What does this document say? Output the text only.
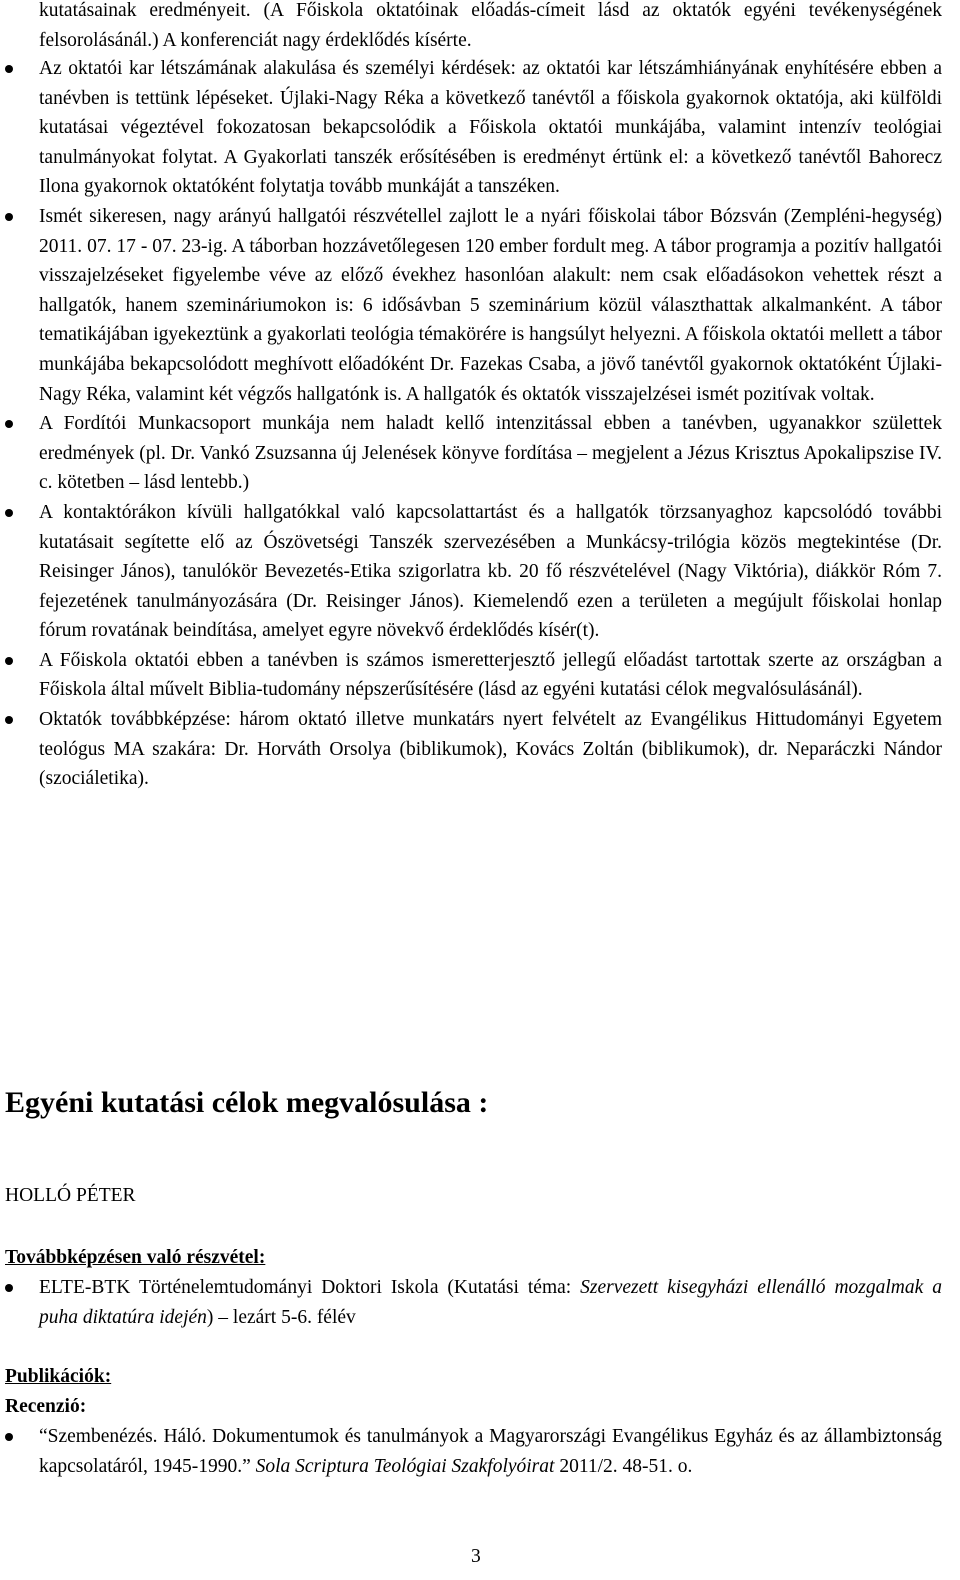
kutatásainak eredményeit. (A Főiskola oktatóinak előadás-címeit lásd az oktatók egyéni tevékenységének felsorolásánál.) A konferenciát nagy érdeklődés kísérte.

Az oktatói kar létszámának alakulása és személyi kérdések: az oktatói kar létszámhiányának enyhítésére ebben a tanévben is tettünk lépéseket. Újlaki-Nagy Réka a következő tanévtől a főiskola gyakornok oktatója, aki külföldi kutatásai végeztével fokozatosan bekapcsolódik a Főiskola oktatói munkájába, valamint intenzív teológiai tanulmányokat folytat. A Gyakorlati tanszék erősítésében is eredményt értünk el: a következő tanévtől Bahorecz Ilona gyakornok oktatóként folytatja tovább munkáját a tanszéken.

Ismét sikeresen, nagy arányú hallgatói részvétellel zajlott le a nyári főiskolai tábor Bózsván (Zempléni-hegység) 2011. 07. 17 - 07. 23-ig. A táborban hozzávetőlegesen 120 ember fordult meg. A tábor programja a pozitív hallgatói visszajelzéseket figyelembe véve az előző évekhez hasonlóan alakult: nem csak előadásokon vehettek részt a hallgatók, hanem szemináriumokon is: 6 idősávban 5 szeminárium közül választhattak alkalmanként. A tábor tematikájában igyekeztünk a gyakorlati teológia témakörére is hangsúlyt helyezni. A főiskola oktatói mellett a tábor munkájába bekapcsolódott meghívott előadóként Dr. Fazekas Csaba, a jövő tanévtől gyakornok oktatóként Újlaki-Nagy Réka, valamint két végzős hallgatónk is. A hallgatók és oktatók visszajelzései ismét pozitívak voltak.

A Fordítói Munkacsoport munkája nem haladt kellő intenzitással ebben a tanévben, ugyanakkor születtek eredmények (pl. Dr. Vankó Zsuzsanna új Jelenések könyve fordítása – megjelent a Jézus Krisztus Apokalipszise IV. c. kötetben – lásd lentebb.)

A kontaktórákon kívüli hallgatókkal való kapcsolattartást és a hallgatók törzsanyaghoz kapcsolódó további kutatásait segítette elő az Ószövetségi Tanszék szervezésében a Munkácsy-trilógia közös megtekintése (Dr. Reisinger János), tanulókör Bevezetés-Etika szigorlatra kb. 20 fő részvételével (Nagy Viktória), diákkör Róm 7. fejezetének tanulmányozására (Dr. Reisinger János). Kiemelendő ezen a területen a megújult főiskolai honlap fórum rovatának beindítása, amelyet egyre növekvő érdeklődés kísér(t).

A Főiskola oktatói ebben a tanévben is számos ismeretterjesztő jellegű előadást tartottak szerte az országban a Főiskola által művelt Biblia-tudomány népszerűsítésére (lásd az egyéni kutatási célok megvalósulásánál).

Oktatók továbbképzése: három oktató illetve munkatárs nyert felvételt az Evangélikus Hittudományi Egyetem teológus MA szakára: Dr. Horváth Orsolya (biblikumok), Kovács Zoltán (biblikumok), dr. Neparáczki Nándor (szociáletika).

Egyéni kutatási célok megvalósulása :

HOLLÓ PÉTER

Továbbképzésen való részvétel:

ELTE-BTK Történelemtudományi Doktori Iskola (Kutatási téma: Szervezett kisegyházi ellenálló mozgalmak a puha diktatúra idején) – lezárt 5-6. félév

Publikációk:

Recenzió:

“Szembenézés. Háló. Dokumentumok és tanulmányok a Magyarországi Evangélikus Egyház és az állambiztonság kapcsolatáról, 1945-1990.” Sola Scriptura Teológiai Szakfolyóirat 2011/2. 48-51. o.

3
